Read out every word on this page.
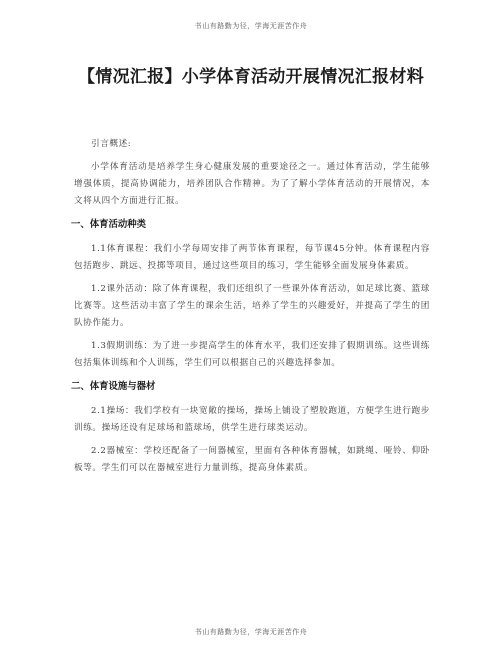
书山有路勤为径，学海无涯苦作舟
【情况汇报】小学体育活动开展情况汇报材料

引言概述:

小学体育活动是培养学生身心健康发展的重要途径之一。通过体育活动，学生能够增强体质，提高协调能力，培养团队合作精神。为了了解小学体育活动的开展情况，本文将从四个方面进行汇报。

一、体育活动种类

1.1体育课程：我们小学每周安排了两节体育课程，每节课45分钟。体育课程内容包括跑步、跳远、投掷等项目，通过这些项目的练习，学生能够全面发展身体素质。

1.2课外活动：除了体育课程，我们还组织了一些课外体育活动，如足球比赛、篮球比赛等。这些活动丰富了学生的课余生活，培养了学生的兴趣爱好，并提高了学生的团队协作能力。

1.3假期训练：为了进一步提高学生的体育水平，我们还安排了假期训练。这些训练包括集体训练和个人训练，学生们可以根据自己的兴趣选择参加。

二、体育设施与器材

2.1操场：我们学校有一块宽敞的操场，操场上铺设了塑胶跑道，方便学生进行跑步训练。操场还设有足球场和篮球场，供学生进行球类运动。

2.2器械室：学校还配备了一间器械室，里面有各种体育器械，如跳绳、哑铃、仰卧板等。学生们可以在器械室进行力量训练，提高身体素质。

书山有路勤为径，学海无涯苦作舟
